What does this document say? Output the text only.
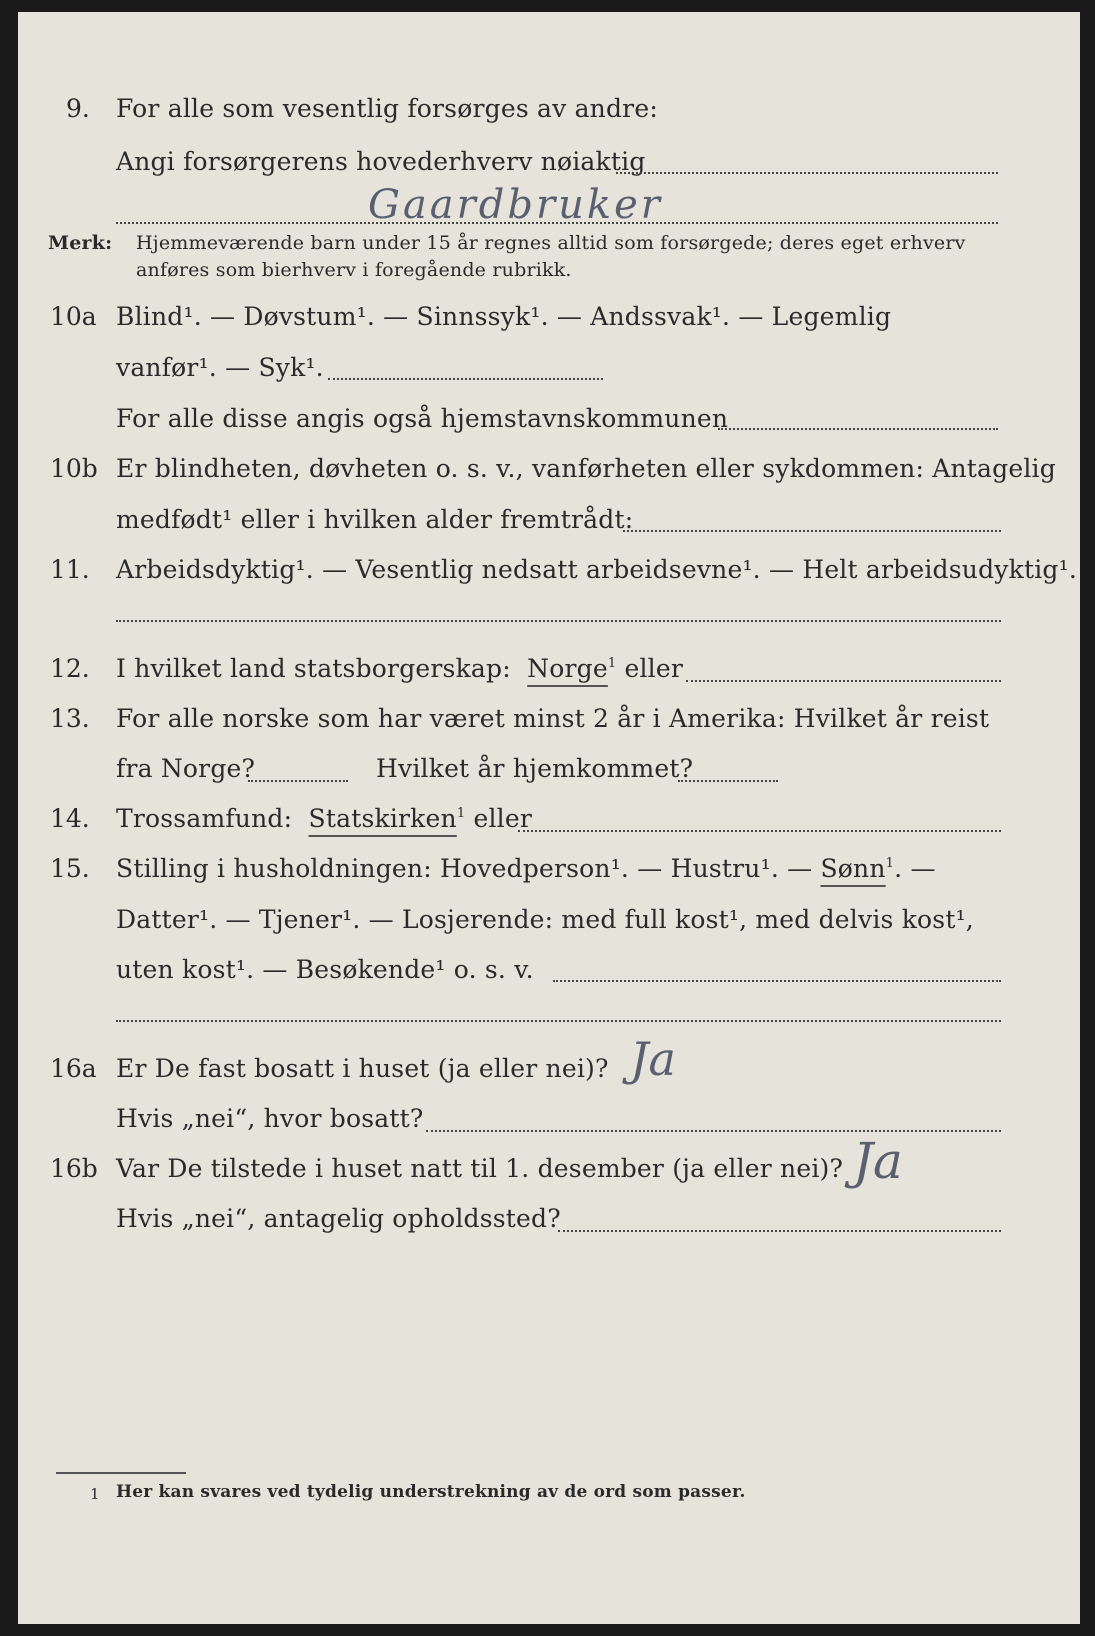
9. For alle som vesentlig forsørges av andre:
Angi forsørgerens hovederhverv nøiaktig
Gaardbruker
Merk: Hjemmeværende barn under 15 år regnes alltid som forsørgede; deres eget erhverv
anføres som bierhverv i foregående rubrikk.
10a Blind¹. — Døvstum¹. — Sinnssyk¹. — Andssvak¹. — Legemlig
vanfør¹. — Syk¹.
For alle disse angis også hjemstavnskommunen
10b Er blindheten, døvheten o. s. v., vanførheten eller sykdommen: Antagelig
medfødt¹ eller i hvilken alder fremtrådt:
11. Arbeidsdyktig¹. — Vesentlig nedsatt arbeidsevne¹. — Helt arbeidsudyktig¹.
12. I hvilket land statsborgerskap: Norge$^1$ eller
13. For alle norske som har været minst 2 år i Amerika: Hvilket år reist
fra Norge?	Hvilket år hjemkommet?
14. Trossamfund: Statskirken$^1$ eller
15. Stilling i husholdningen: Hovedperson¹. — Hustru¹. — Sønn$^1$. —
Datter¹. — Tjener¹. — Losjerende: med full kost¹, med delvis kost¹,
uten kost¹. — Besøkende¹ o. s. v.
16a Er De fast bosatt i huset (ja eller nei)? Ja
Hvis „nei“, hvor bosatt?
16b Var De tilstede i huset natt til 1. desember (ja eller nei)? Ja
Hvis „nei“, antagelig opholdssted?
1 Her kan svares ved tydelig understrekning av de ord som passer.
